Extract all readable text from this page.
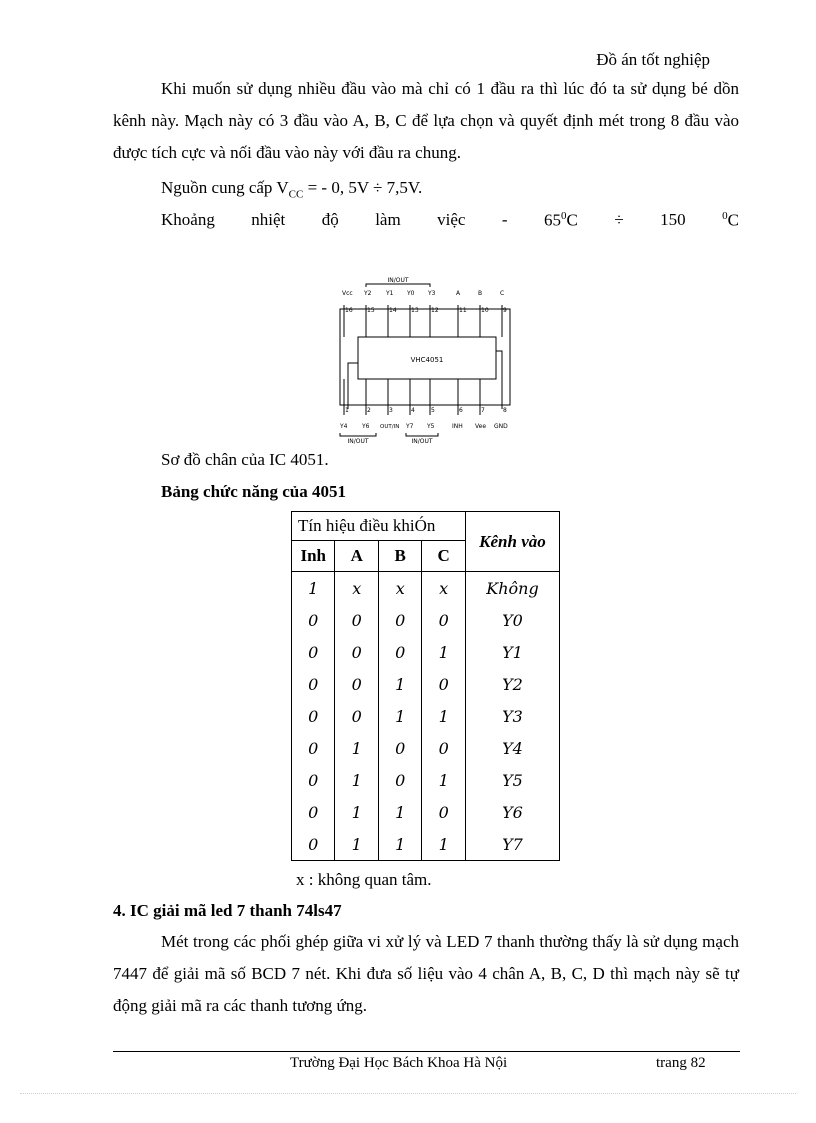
Đồ án tốt nghiệp

Khi muốn sử dụng nhiều đầu vào mà chỉ có 1 đầu ra thì lúc đó ta sử dụng bé dồn kênh này. Mạch này có 3 đầu vào A, B, C để lựa chọn và quyết định mét trong 8 đầu vào được tích cực và nối đầu vào này với đầu ra chung.

Nguồn cung cấp $V_{CC}$ = - 0, 5V ÷ 7,5V.
Khoảng nhiệt độ làm việc - $65^0C \div 150$	$^0$C
IN/OUT
VHC4051
Vcc Y2 Y1 Y0 Y3	A	B	C
16 15 14 13 12	11 10 9
1	2	3	4	5	6	7	8
Y4 Y6 OUT/IN Y7 Y5	INH Vee GND
IN/OUT	IN/OUT
Sơ đồ chân của IC 4051.
Bảng chức năng của 4051
Tín hiệu điều khiÓn				Kênh vào
Inh	A	B	C	
1	x	x	x	Không
0	0	0	0	Y0
0	0	0	1	Y1
0	0	1	0	Y2
0	0	1	1	Y3
0	1	0	0	Y4
0	1	0	1	Y5
0	1	1	0	Y6
0	1	1	1	Y7
x : không quan tâm.
4. IC giải mã led 7 thanh 74ls47

Mét trong các phối ghép giữa vi xử lý và LED 7 thanh thường thấy là sử dụng mạch 7447 để giải mã số BCD 7 nét. Khi đưa số liệu vào 4 chân A, B, C, D thì mạch này sẽ tự động giải mã ra các thanh tương ứng.

Trường Đại Học Bách Khoa Hà Nội	trang 82
